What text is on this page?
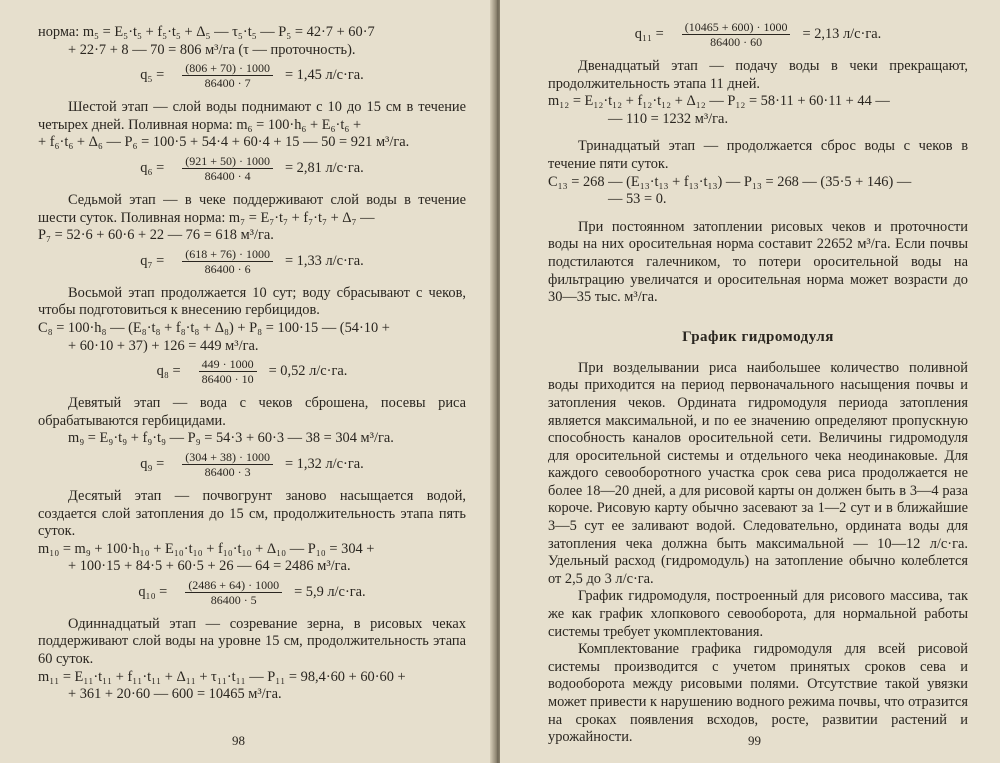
норма: m₅ = E₅·t₅ + f₅·t₅ + Δ₅ — τ₅·t₅ — P₅ = 42·7 + 60·7

+ 22·7 + 8 — 70 = 806 м³/га (τ — проточность).

$q_5 = \frac{(806 + 70) \cdot 1000}{86400 \cdot 7} = 1,45$ л/с·га.

Шестой этап — слой воды поднимают с 10 до 15 см в течение четырех дней. Поливная норма: m₆ = 100·h₆ + E₆·t₆ +

+ f₆·t₆ + Δ₆ — P₆ = 100·5 + 54·4 + 60·4 + 15 — 50 = 921 м³/га.

$q_6 = \frac{(921 + 50) \cdot 1000}{86400 \cdot 4} = 2,81$ л/с·га.

Седьмой этап — в чеке поддерживают слой воды в течение шести суток. Поливная норма: m₇ = E₇·t₇ + f₇·t₇ + Δ₇ —

P₇ = 52·6 + 60·6 + 22 — 76 = 618 м³/га.

$q_7 = \frac{(618 + 76) \cdot 1000}{86400 \cdot 6} = 1,33$ л/с·га.

Восьмой этап продолжается 10 сут; воду сбрасывают с чеков, чтобы подготовиться к внесению гербицидов.

C₈ = 100·h₈ — (E₈·t₈ + f₈·t₈ + Δ₈) + P₈ = 100·15 — (54·10 +

+ 60·10 + 37) + 126 = 449 м³/га.

$q_8 = \frac{449 \cdot 1000}{86400 \cdot 10} = 0,52$ л/с·га.

Девятый этап — вода с чеков сброшена, посевы риса обрабатываются гербицидами.

m₉ = E₉·t₉ + f₉·t₉ — P₉ = 54·3 + 60·3 — 38 = 304 м³/га.

$q_9 = \frac{(304 + 38) \cdot 1000}{86400 \cdot 3} = 1,32$ л/с·га.

Десятый этап — почвогрунт заново насыщается водой, создается слой затопления до 15 см, продолжительность этапа пять суток.

m₁₀ = m₉ + 100·h₁₀ + E₁₀·t₁₀ + f₁₀·t₁₀ + Δ₁₀ — P₁₀ = 304 +

+ 100·15 + 84·5 + 60·5 + 26 — 64 = 2486 м³/га.

$q_{10} = \frac{(2486 + 64) \cdot 1000}{86400 \cdot 5} = 5,9$ л/с·га.

Одиннадцатый этап — созревание зерна, в рисовых чеках поддерживают слой воды на уровне 15 см, продолжительность этапа 60 суток.

m₁₁ = E₁₁·t₁₁ + f₁₁·t₁₁ + Δ₁₁ + τ₁₁·t₁₁ — P₁₁ = 98,4·60 + 60·60 +

+ 361 + 20·60 — 600 = 10465 м³/га.

98
$q_{11} = \frac{(10465 + 600) \cdot 1000}{86400 \cdot 60} = 2,13$ л/с·га.

Двенадцатый этап — подачу воды в чеки прекращают, продолжительность этапа 11 дней.

m₁₂ = E₁₂·t₁₂ + f₁₂·t₁₂ + Δ₁₂ — P₁₂ = 58·11 + 60·11 + 44 —

— 110 = 1232 м³/га.

Тринадцатый этап — продолжается сброс воды с чеков в течение пяти суток.

C₁₃ = 268 — (E₁₃·t₁₃ + f₁₃·t₁₃) — P₁₃ = 268 — (35·5 + 146) —

— 53 = 0.

При постоянном затоплении рисовых чеков и проточности воды на них оросительная норма составит 22652 м³/га. Если почвы подстилаются галечником, то потери оросительной воды на фильтрацию увеличатся и оросительная норма может возрасти до 30—35 тыс. м³/га.

График гидромодуля

При возделывании риса наибольшее количество поливной воды приходится на период первоначального насыщения почвы и затопления чеков. Ордината гидромодуля периода затопления является максимальной, и по ее значению определяют пропускную способность каналов оросительной сети. Величины гидромодуля для оросительной системы и отдельного чека неодинаковые. Для каждого севооборотного участка срок сева риса продолжается не более 18—20 дней, а для рисовой карты он должен быть в 3—4 раза короче. Рисовую карту обычно засевают за 1—2 сут и в ближайшие 3—5 сут ее заливают водой. Следовательно, ордината воды для затопления чека должна быть максимальной — 10—12 л/с·га. Удельный расход (гидромодуль) на затопление обычно колеблется от 2,5 до 3 л/с·га.

График гидромодуля, построенный для рисового массива, так же как график хлопкового севооборота, для нормальной работы системы требует укомплектования.

Комплектование графика гидромодуля для всей рисовой системы производится с учетом принятых сроков сева и водооборота между рисовыми полями. Отсутствие такой увязки может привести к нарушению водного режима почвы, что отразится на сроках появления всходов, росте, развитии растений и урожайности.	99
